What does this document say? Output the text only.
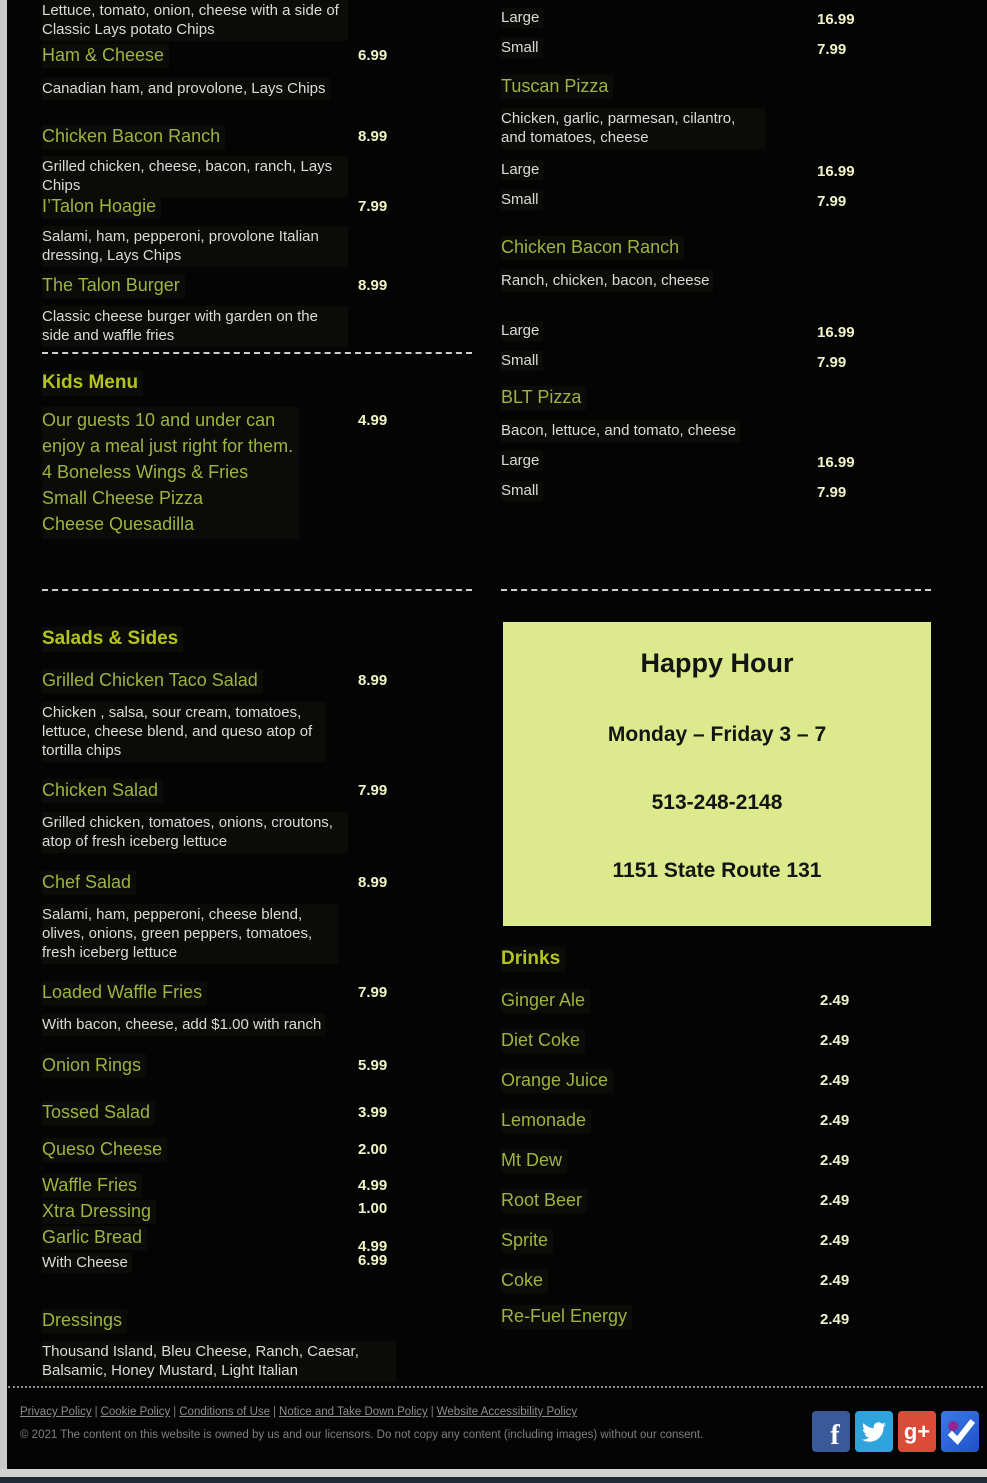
Lettuce, tomato, onion, cheese with a side of Classic Lays potato Chips
Ham & Cheese	6.99
Canadian ham, and provolone, Lays Chips
Chicken Bacon Ranch	8.99
Grilled chicken, cheese, bacon, ranch, Lays Chips
I’Talon Hoagie	7.99
Salami, ham, pepperoni, provolone Italian dressing, Lays Chips
The Talon Burger	8.99
Classic cheese burger with garden on the side and waffle fries
Kids Menu
4.99
Our guests 10 and under can
enjoy a meal just right for them.
4 Boneless Wings & Fries
Small Cheese Pizza
Cheese Quesadilla
Salads & Sides
Grilled Chicken Taco Salad	8.99
Chicken , salsa, sour cream, tomatoes, lettuce, cheese blend, and queso atop of tortilla chips
Chicken Salad	7.99
Grilled chicken, tomatoes, onions, croutons, atop of fresh iceberg lettuce
Chef Salad	8.99
Salami, ham, pepperoni, cheese blend, olives, onions, green peppers, tomatoes, fresh iceberg lettuce
Loaded Waffle Fries	7.99
With bacon, cheese, add $1.00 with ranch
Onion Rings	5.99
Tossed Salad	3.99
Queso Cheese	2.00
Waffle Fries	4.99
Xtra Dressing	1.00
Garlic Bread	4.99
With Cheese	6.99
Dressings
Thousand Island, Bleu Cheese, Ranch, Caesar, Balsamic, Honey Mustard, Light Italian
Large	16.99
Small	7.99
Tuscan Pizza
Chicken, garlic, parmesan, cilantro, and tomatoes, cheese
Large	16.99
Small	7.99
Chicken Bacon Ranch
Ranch, chicken, bacon, cheese
Large	16.99
Small	7.99
BLT Pizza
Bacon, lettuce, and tomato, cheese
Large	16.99
Small	7.99
Happy Hour
Monday – Friday 3 – 7
513-248-2148
1151 State Route 131
Drinks
Ginger Ale	2.49
Diet Coke	2.49
Orange Juice	2.49
Lemonade	2.49
Mt Dew	2.49
Root Beer	2.49
Sprite	2.49
Coke	2.49
Re-Fuel Energy	2.49
Privacy Policy | Cookie Policy | Conditions of Use | Notice and Take Down Policy | Website Accessibility Policy
© 2021 The content on this website is owned by us and our licensors. Do not copy any content (including images) without our consent.	f	g+
